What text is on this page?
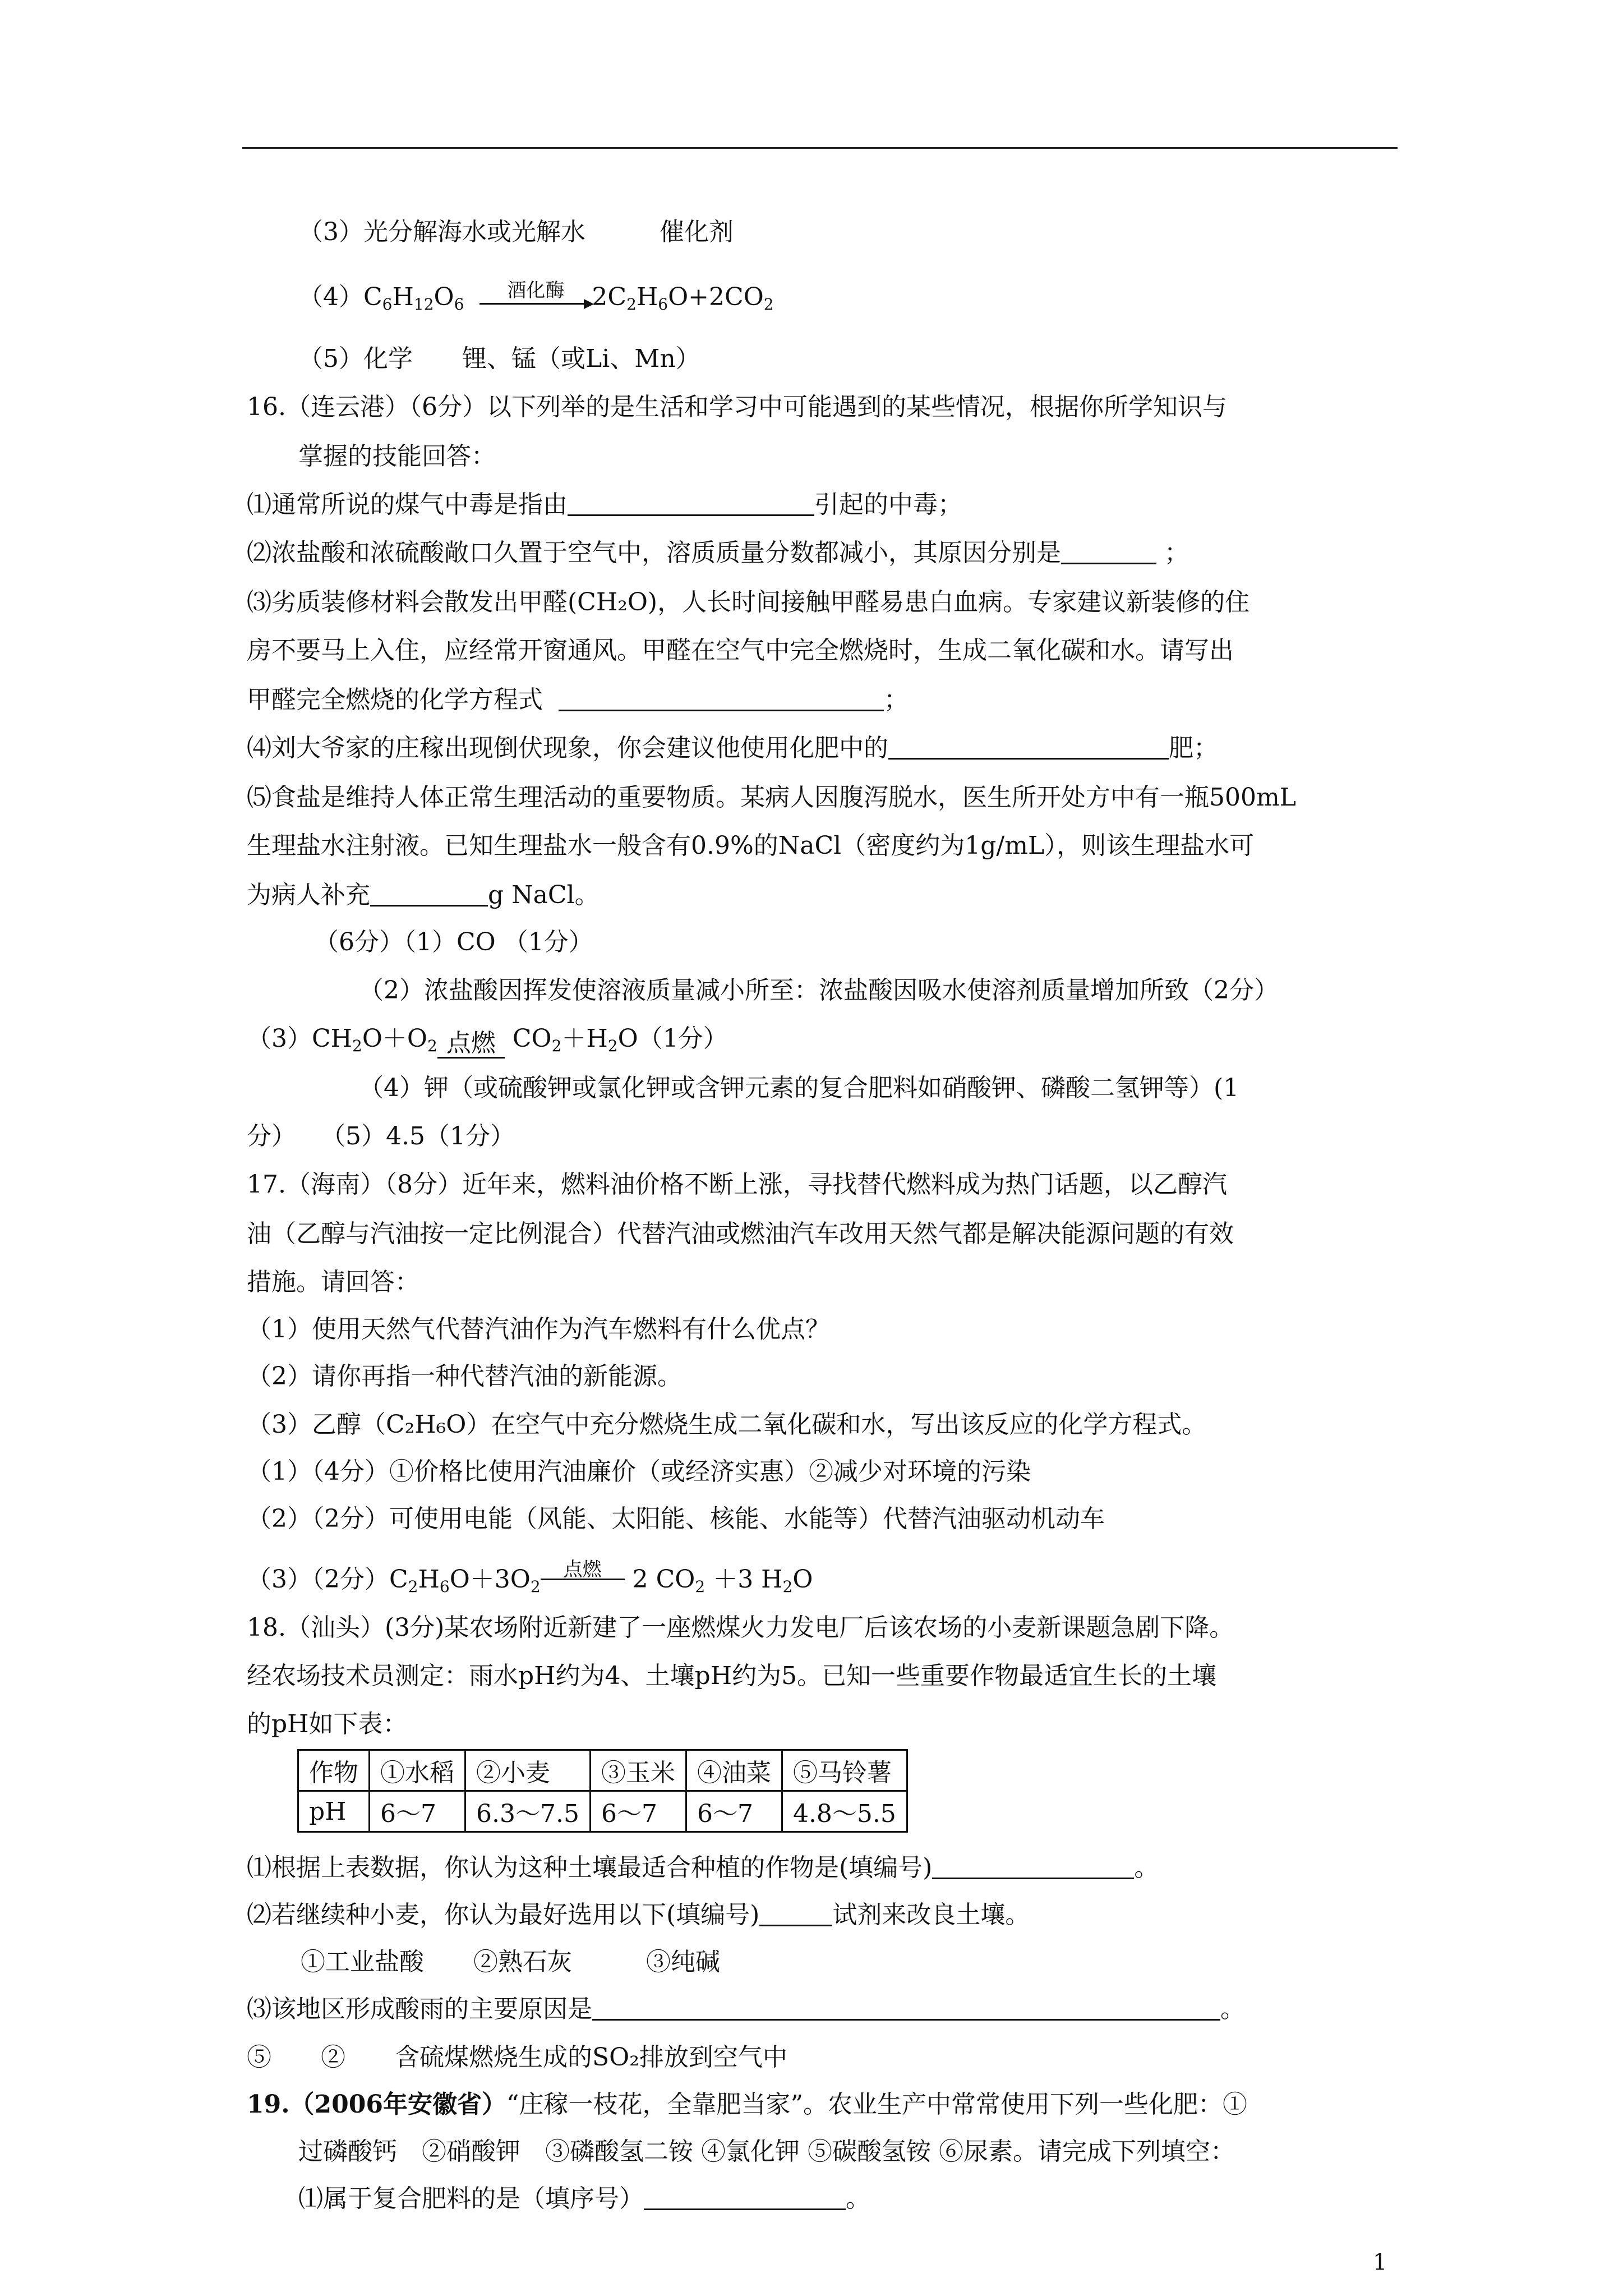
（3）光分解海水或光解水　　　催化剂
$(4)C_6H_{12}O_6$
酒化酶	$2C_2H_6O+2CO_2$
（5）化学　　锂、锰（或Li、Mn）
16.（连云港）（6分）以下列举的是生活和学习中可能遇到的某些情况，根据你所学知识与
掌握的技能回答：
⑴通常所说的煤气中毒是指由	引起的中毒；
⑵浓盐酸和浓硫酸敞口久置于空气中，溶质质量分数都减小，其原因分别是	；
⑶劣质装修材料会散发出甲醛(CH₂O)，人长时间接触甲醛易患白血病。专家建议新装修的住
房不要马上入住，应经常开窗通风。甲醛在空气中完全燃烧时，生成二氧化碳和水。请写出
甲醛完全燃烧的化学方程式	；
⑷刘大爷家的庄稼出现倒伏现象，你会建议他使用化肥中的	肥；
⑸食盐是维持人体正常生理活动的重要物质。某病人因腹泻脱水，医生所开处方中有一瓶500mL
生理盐水注射液。已知生理盐水一般含有0.9%的NaCl（密度约为1g/mL），则该生理盐水可
为病人补充	g NaCl。
（6分）（1）CO （1分）
（2）浓盐酸因挥发使溶液质量减小所至：浓盐酸因吸水使溶剂质量增加所致（2分）
$(3)CH_2O+O_2$ 点燃 $CO_2+H_2O(1$分）
（4）钾（或硫酸钾或氯化钾或含钾元素的复合肥料如硝酸钾、磷酸二氢钾等）(1
分）　　（5）4.5（1分）
17.（海南）（8分）近年来，燃料油价格不断上涨，寻找替代燃料成为热门话题，以乙醇汽
油（乙醇与汽油按一定比例混合）代替汽油或燃油汽车改用天然气都是解决能源问题的有效
措施。请回答：
（1）使用天然气代替汽油作为汽车燃料有什么优点？
（2）请你再指一种代替汽油的新能源。
（3）乙醇（C₂H₆O）在空气中充分燃烧生成二氧化碳和水，写出该反应的化学方程式。
（1）（4分）①价格比使用汽油廉价（或经济实惠）②减少对环境的污染
（2）（2分）可使用电能（风能、太阳能、核能、水能等）代替汽油驱动机动车
（3）（2分）$C_2H_6O+3O_2$
点燃 2 $CO_2 +3$ $H_2O$
18.（汕头）(3分)某农场附近新建了一座燃煤火力发电厂后该农场的小麦新课题急剧下降。
经农场技术员测定：雨水pH约为4、土壤pH约为5。已知一些重要作物最适宜生长的土壤
的pH如下表：
作物	①水稻	②小麦	③玉米	④油菜	⑤马铃薯
pH	6～7	6.3～7.5	6～7	6～7	4.8～5.5
⑴根据上表数据，你认为这种土壤最适合种植的作物是(填编号)	。
⑵若继续种小麦，你认为最好选用以下(填编号)	试剂来改良土壤。
①工业盐酸　　②熟石灰　　　③纯碱
⑶该地区形成酸雨的主要原因是	。
⑤　　②　　含硫煤燃烧生成的SO₂排放到空气中
19.（2006年安徽省）“庄稼一枝花，全靠肥当家”。农业生产中常常使用下列一些化肥：①
过磷酸钙　②硝酸钾　③磷酸氢二铵 ④氯化钾 ⑤碳酸氢铵 ⑥尿素。请完成下列填空：
⑴属于复合肥料的是（填序号）	。
1
